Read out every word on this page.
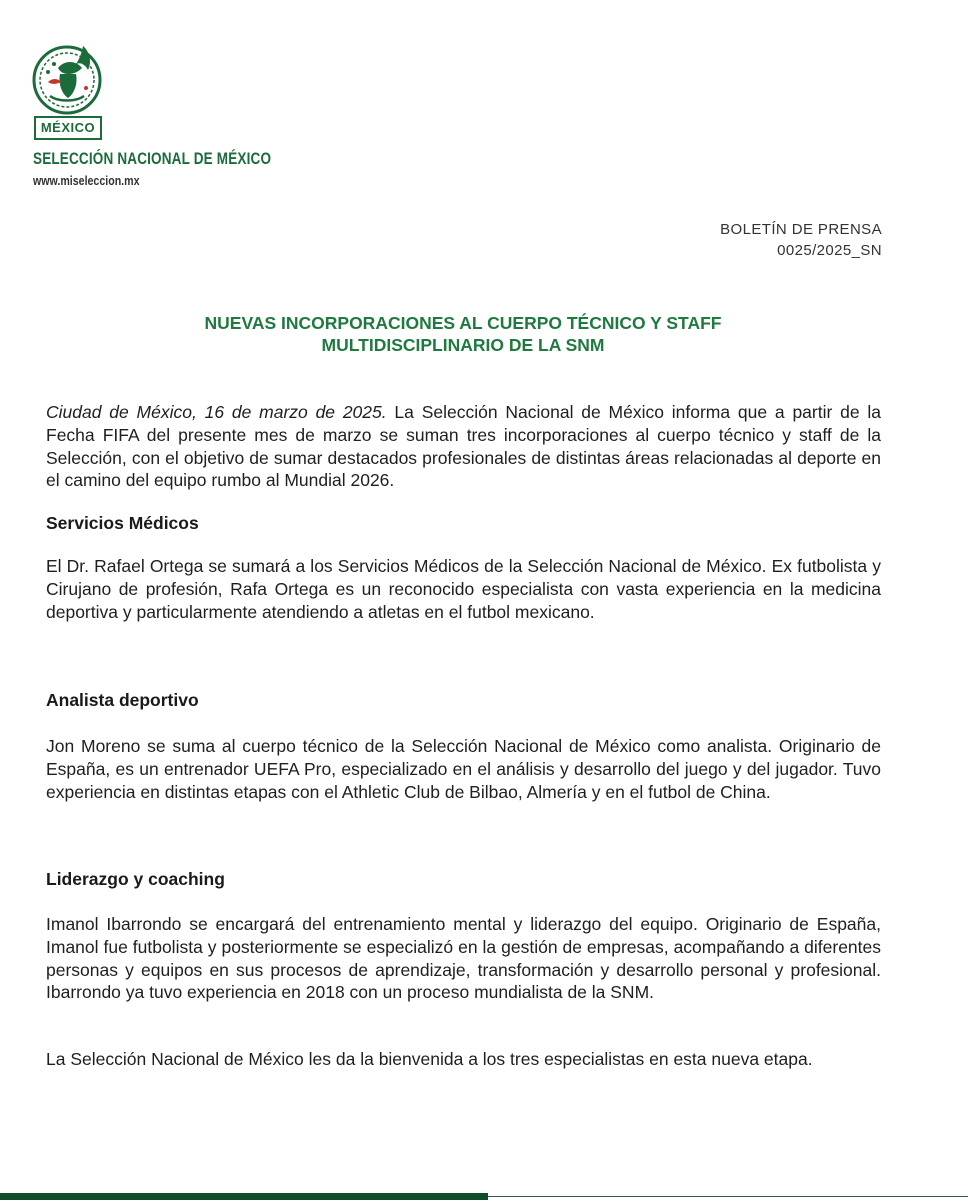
MÉXICO
SELECCIÓN NACIONAL DE MÉXICO
www.miseleccion.mx
BOLETÍN DE PRENSA
0025/2025_SN
NUEVAS INCORPORACIONES AL CUERPO TÉCNICO Y STAFF
MULTIDISCIPLINARIO DE LA SNM

Ciudad de México, 16 de marzo de 2025. La Selección Nacional de México informa que a partir de la Fecha FIFA del presente mes de marzo se suman tres incorporaciones al cuerpo técnico y staff de la Selección, con el objetivo de sumar destacados profesionales de distintas áreas relacionadas al deporte en el camino del equipo rumbo al Mundial 2026.

Servicios Médicos

El Dr. Rafael Ortega se sumará a los Servicios Médicos de la Selección Nacional de México. Ex futbolista y Cirujano de profesión, Rafa Ortega es un reconocido especialista con vasta experiencia en la medicina deportiva y particularmente atendiendo a atletas en el futbol mexicano.

Analista deportivo

Jon Moreno se suma al cuerpo técnico de la Selección Nacional de México como analista. Originario de España, es un entrenador UEFA Pro, especializado en el análisis y desarrollo del juego y del jugador. Tuvo experiencia en distintas etapas con el Athletic Club de Bilbao, Almería y en el futbol de China.

Liderazgo y coaching

Imanol Ibarrondo se encargará del entrenamiento mental y liderazgo del equipo. Originario de España, Imanol fue futbolista y posteriormente se especializó en la gestión de empresas, acompañando a diferentes personas y equipos en sus procesos de aprendizaje, transformación y desarrollo personal y profesional. Ibarrondo ya tuvo experiencia en 2018 con un proceso mundialista de la SNM.

La Selección Nacional de México les da la bienvenida a los tres especialistas en esta nueva etapa.
